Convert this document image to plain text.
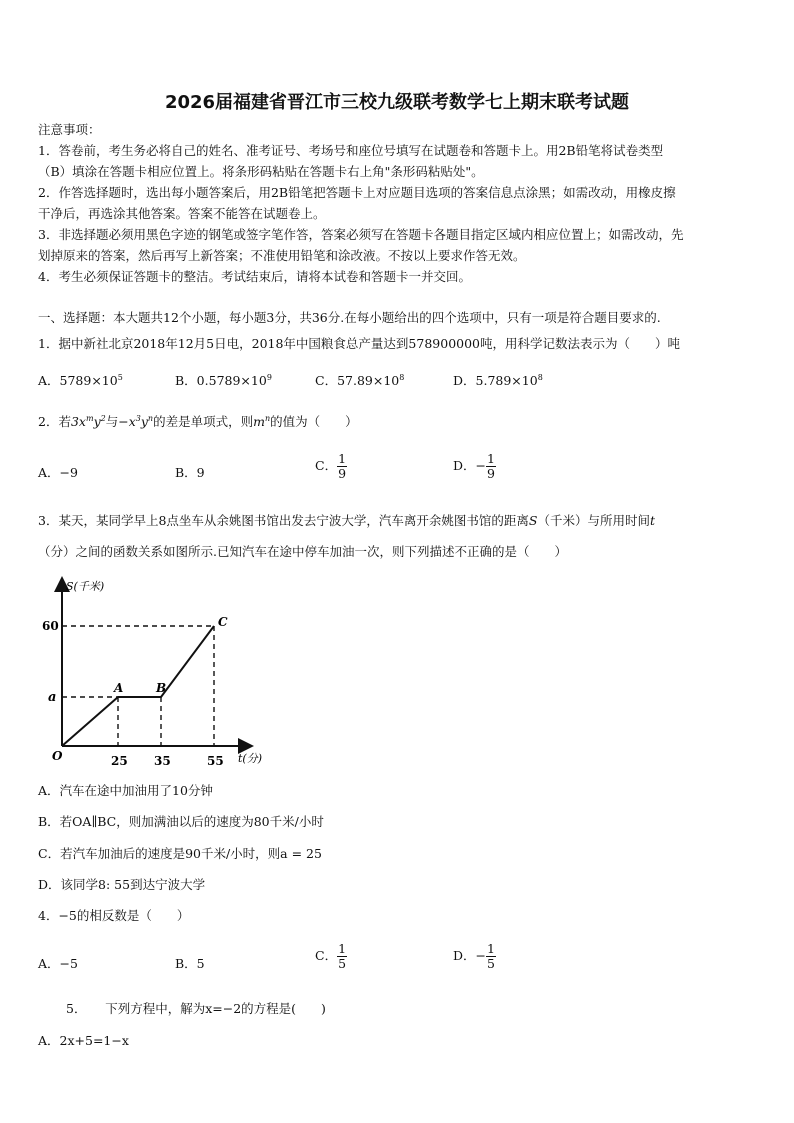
2026届福建省晋江市三校九级联考数学七上期末联考试题
注意事项：
1．答卷前，考生务必将自己的姓名、准考证号、考场号和座位号填写在试题卷和答题卡上。用2B铅笔将试卷类型
（B）填涂在答题卡相应位置上。将条形码粘贴在答题卡右上角"条形码粘贴处"。
2．作答选择题时，选出每小题答案后，用2B铅笔把答题卡上对应题目选项的答案信息点涂黑；如需改动，用橡皮擦
干净后，再选涂其他答案。答案不能答在试题卷上。
3．非选择题必须用黑色字迹的钢笔或签字笔作答，答案必须写在答题卡各题目指定区域内相应位置上；如需改动，先
划掉原来的答案，然后再写上新答案；不准使用铅笔和涂改液。不按以上要求作答无效。
4．考生必须保证答题卡的整洁。考试结束后，请将本试卷和答题卡一并交回。
一、选择题：本大题共12个小题，每小题3分，共36分.在每小题给出的四个选项中，只有一项是符合题目要求的.
1．据中新社北京2018年12月5日电，2018年中国粮食总产量达到578900000吨，用科学记数法表示为（　　）吨
A．$5789\times 10^5$	B．$0.5789\times 10^9$	C．$57.89\times 10^8$	D．$5.789\times 10^8$
2．若$3x^my^2$与$-x^3y^n$的差是单项式，则$m^n$的值为（　　）
A．−9	B．9	C． $\frac{1}{9}$	D．− $\frac{1}{9}$
3．某天，某同学早上8点坐车从余姚图书馆出发去宁波大学，汽车离开余姚图书馆的距离S（千米）与所用时间t
（分）之间的函数关系如图所示.已知汽车在途中停车加油一次，则下列描述不正确的是（　　）
S(千米)
60
a
O	25 35	55 t(分)
A	B
C
A．汽车在途中加油用了10分钟
B．若OA∥BC，则加满油以后的速度为80千米/小时
C．若汽车加油后的速度是90千米/小时，则a = 25
D．该同学8: 55到达宁波大学
4．−5的相反数是（　　）
A．−5	B．5
C． $\frac{1}{5}$	D．− $\frac{1}{5}$
5．　　下列方程中，解为x=−2的方程是(　　)
A．2x+5=1−x
